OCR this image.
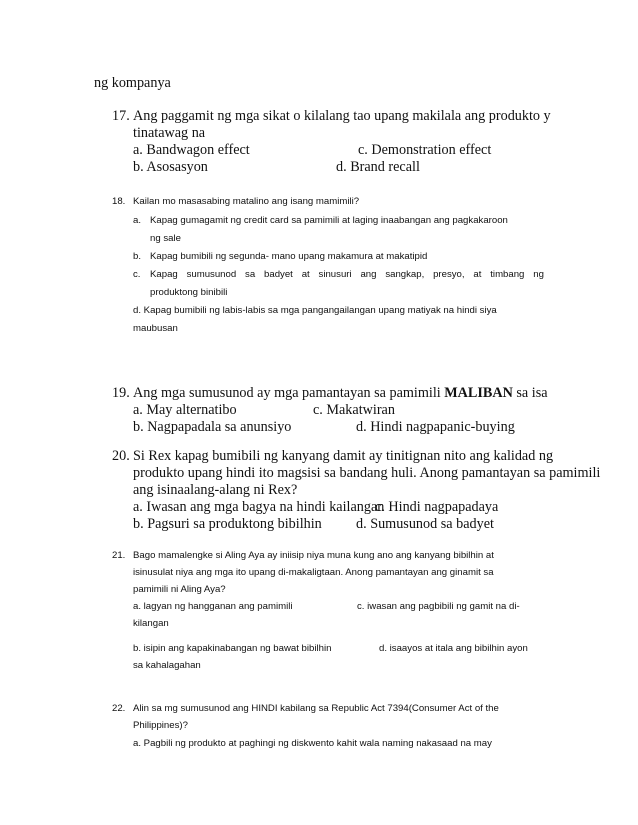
ng kompanya
17. Ang paggamit ng mga sikat o kilalang tao upang makilala ang produkto y
tinatawag na
a. Bandwagon effect	c. Demonstration effect
b. Asosasyon	d. Brand recall
18. Kailan mo masasabing matalino ang isang mamimili?
a. Kapag gumagamit ng credit card sa pamimili at laging inaabangan ang pagkakaroon
ng sale
b. Kapag bumibili ng segunda- mano upang makamura at makatipid
c. Kapag sumusunod sa badyet at sinusuri ang sangkap, presyo, at timbang ng
produktong binibili
d. Kapag bumibili ng labis-labis sa mga pangangailangan upang matiyak na hindi siya
maubusan
19. Ang mga sumusunod ay mga pamantayan sa pamimili MALIBAN sa isa
a. May alternatibo	c. Makatwiran
b. Nagpapadala sa anunsiyo	d. Hindi nagpapanic-buying
20. Si Rex kapag bumibili ng kanyang damit ay tinitignan nito ang kalidad ng
produkto upang hindi ito magsisi sa bandang huli. Anong pamantayan sa pamimili
ang isinaalang-alang ni Rex?
a. Iwasan ang mga bagya na hindi kailangan
c. Hindi nagpapadaya
b. Pagsuri sa produktong bibilhin d. Sumusunod sa badyet
21. Bago mamalengke si Aling Aya ay iniisip niya muna kung ano ang kanyang bibilhin at
isinusulat niya ang mga ito upang di-makaligtaan. Anong pamantayan ang ginamit sa
pamimili ni Aling Aya?
a. lagyan ng hangganan ang pamimili	c. iwasan ang pagbibili ng gamit na di-
kilangan
b. isipin ang kapakinabangan ng bawat bibilhin	d. isaayos at itala ang bibilhin ayon
sa kahalagahan
22. Alin sa mg sumusunod ang HINDI kabilang sa Republic Act 7394(Consumer Act of the
Philippines)?
a. Pagbili ng produkto at paghingi ng diskwento kahit wala naming nakasaad na may
